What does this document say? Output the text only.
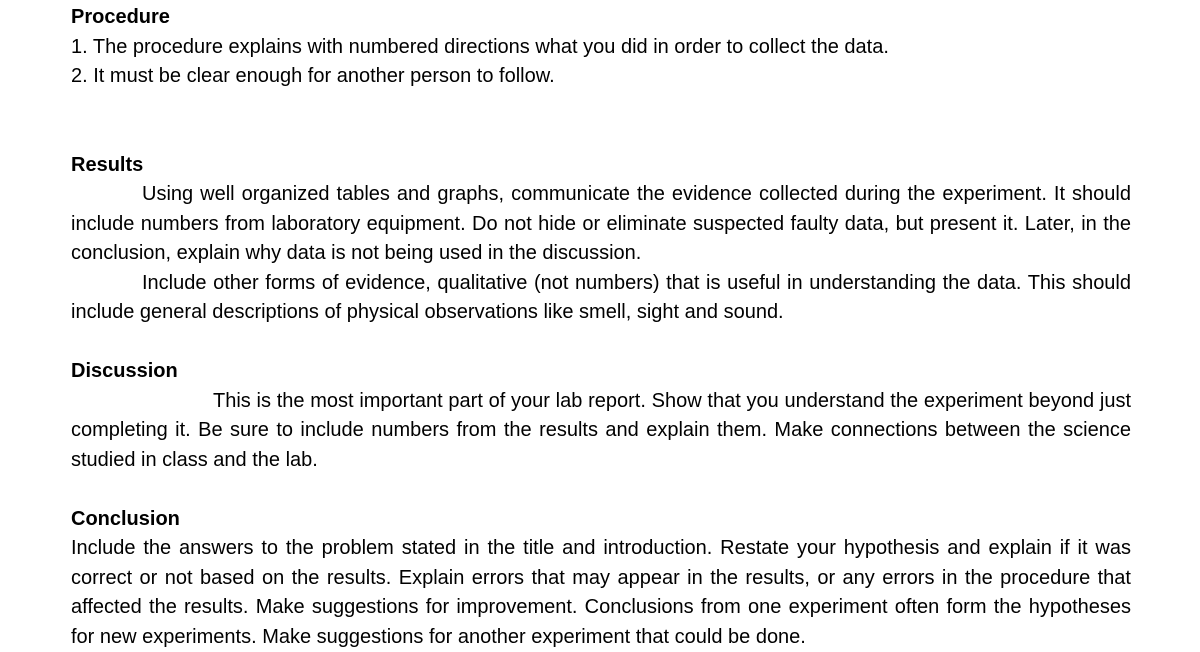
Procedure

1. The procedure explains with numbered directions what you did in order to collect the data.

2. It must be clear enough for another person to follow.

Results

Using well organized tables and graphs, communicate the evidence collected during the experiment. It should include numbers from laboratory equipment. Do not hide or eliminate suspected faulty data, but present it. Later, in the conclusion, explain why data is not being used in the discussion.

Include other forms of evidence, qualitative (not numbers) that is useful in understanding the data. This should include general descriptions of physical observations like smell, sight and sound.

Discussion

This is the most important part of your lab report. Show that you understand the experiment beyond just completing it. Be sure to include numbers from the results and explain them. Make connections between the science studied in class and the lab.

Conclusion

Include the answers to the problem stated in the title and introduction. Restate your hypothesis and explain if it was correct or not based on the results. Explain errors that may appear in the results, or any errors in the procedure that affected the results. Make suggestions for improvement. Conclusions from one experiment often form the hypotheses for new experiments. Make suggestions for another experiment that could be done.
